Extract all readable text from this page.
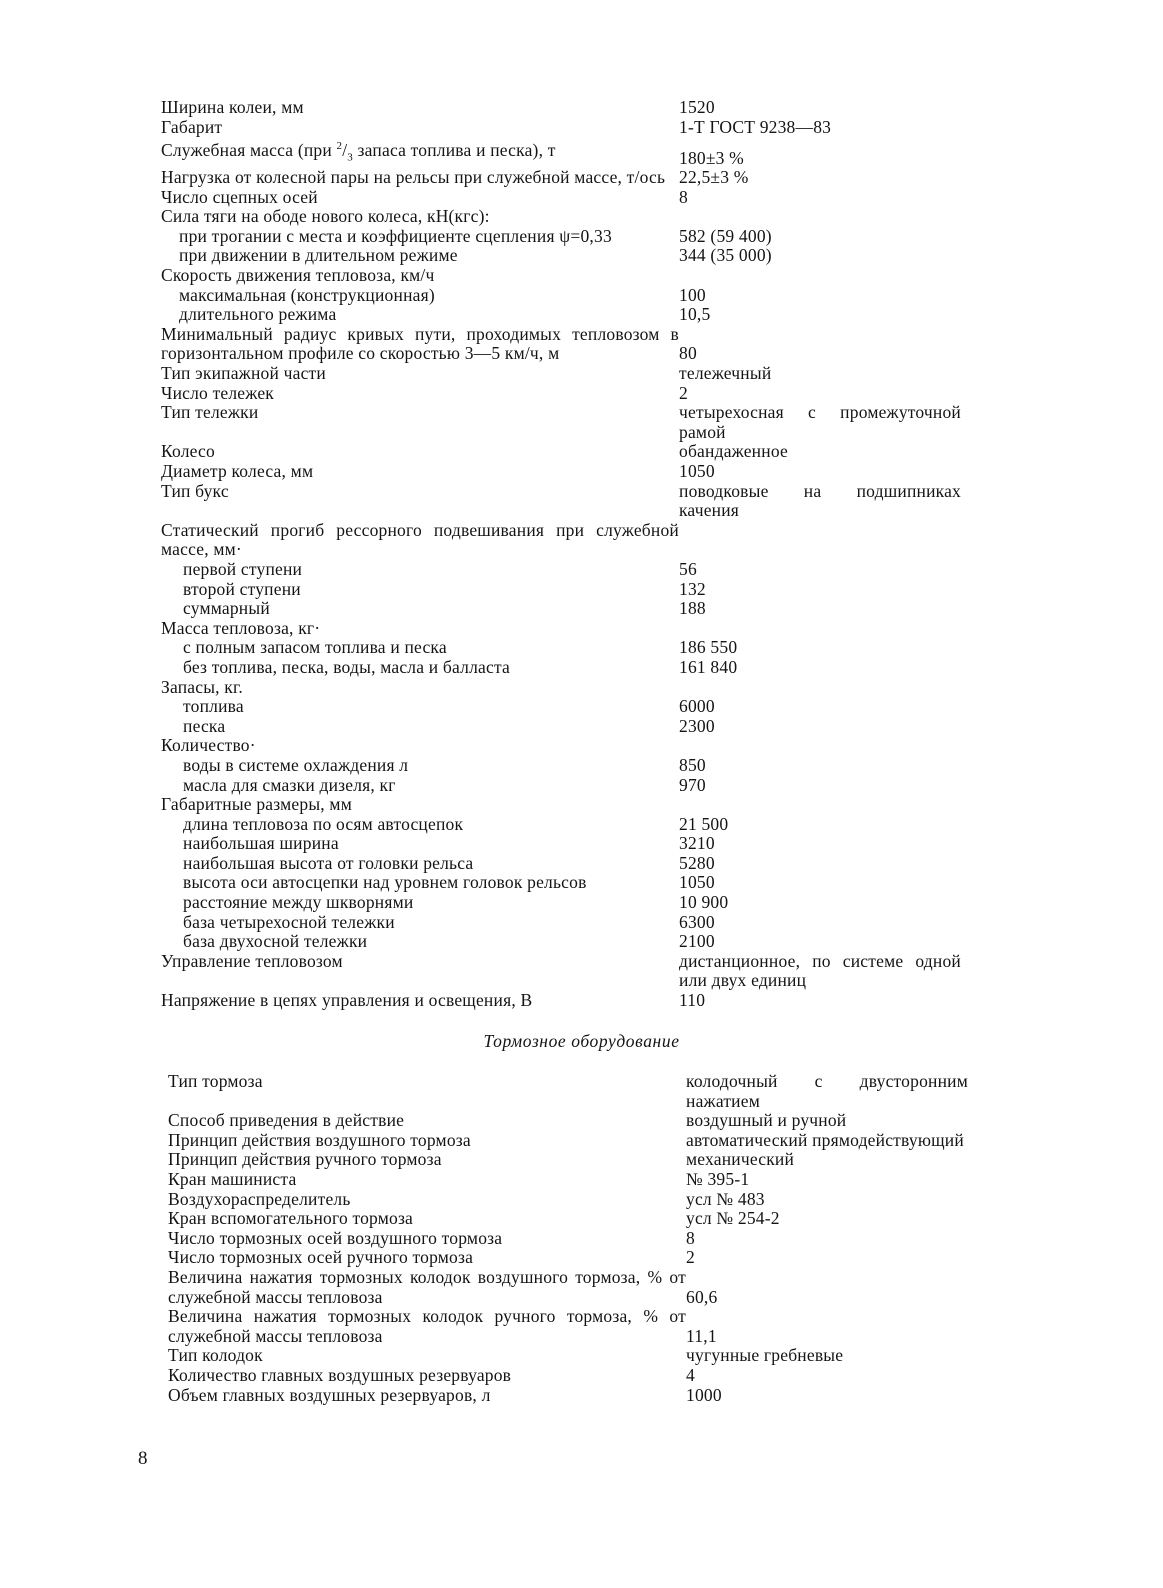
Ширина колеи, мм	1520
Габарит	1-Т ГОСТ 9238—83
Служебная масса (при $^2/_3$ запаса топлива и песка), т	180±3 %
Нагрузка от колесной пары на рельсы при служебной массе, т/ось 22,5±3 %
Число сцепных осей	8
Сила тяги на ободе нового колеса, кН(кгс):
при трогании с места и коэффициенте сцепления ψ=0,33	582 (59 400)
при движении в длительном режиме	344 (35 000)
Скорость движения тепловоза, км/ч
максимальная (конструкционная)	100
длительного режима	10,5
Минимальный радиус кривых пути, проходимых тепловозом в горизонтальном профиле со скоростью 3—5 км/ч, м	80
Тип экипажной части	тележечный
Число тележек	2
Тип тележки	четырехосная с промежуточной рамой
Колесо	обандаженное
Диаметр колеса, мм	1050
Тип букс	поводковые на подшипниках качения
Статический прогиб рессорного подвешивания при служебной массе, мм·
первой ступени	56
второй ступени	132
суммарный	188
Масса тепловоза, кг·
с полным запасом топлива и песка	186 550
без топлива, песка, воды, масла и балласта	161 840
Запасы, кг.
топлива	6000
песка	2300
Количество·
воды в системе охлаждения л	850
масла для смазки дизеля, кг	970
Габаритные размеры, мм
длина тепловоза по осям автосцепок	21 500
наибольшая ширина	3210
наибольшая высота от головки рельса	5280
высота оси автосцепки над уровнем головок рельсов	1050
расстояние между шкворнями	10 900
база четырехосной тележки	6300
база двухосной тележки	2100
Управление тепловозом	дистанционное, по системе одной или двух единиц
Напряжение в цепях управления и освещения, В	110
Тормозное оборудование
Тип тормоза	колодочный с двусторонним нажатием
Способ приведения в действие	воздушный и ручной
Принцип действия воздушного тормоза	автоматический прямодействующий
Принцип действия ручного тормоза	механический
Кран машиниста	№ 395-1
Воздухораспределитель	усл № 483
Кран вспомогательного тормоза	усл № 254-2
Число тормозных осей воздушного тормоза	8
Число тормозных осей ручного тормоза	2
Величина нажатия тормозных колодок воздушного тормоза, % от служебной массы тепловоза	60,6
Величина нажатия тормозных колодок ручного тормоза, % от служебной массы тепловоза	11,1
Тип колодок	чугунные гребневые
Количество главных воздушных резервуаров	4
Объем главных воздушных резервуаров, л	1000
8
